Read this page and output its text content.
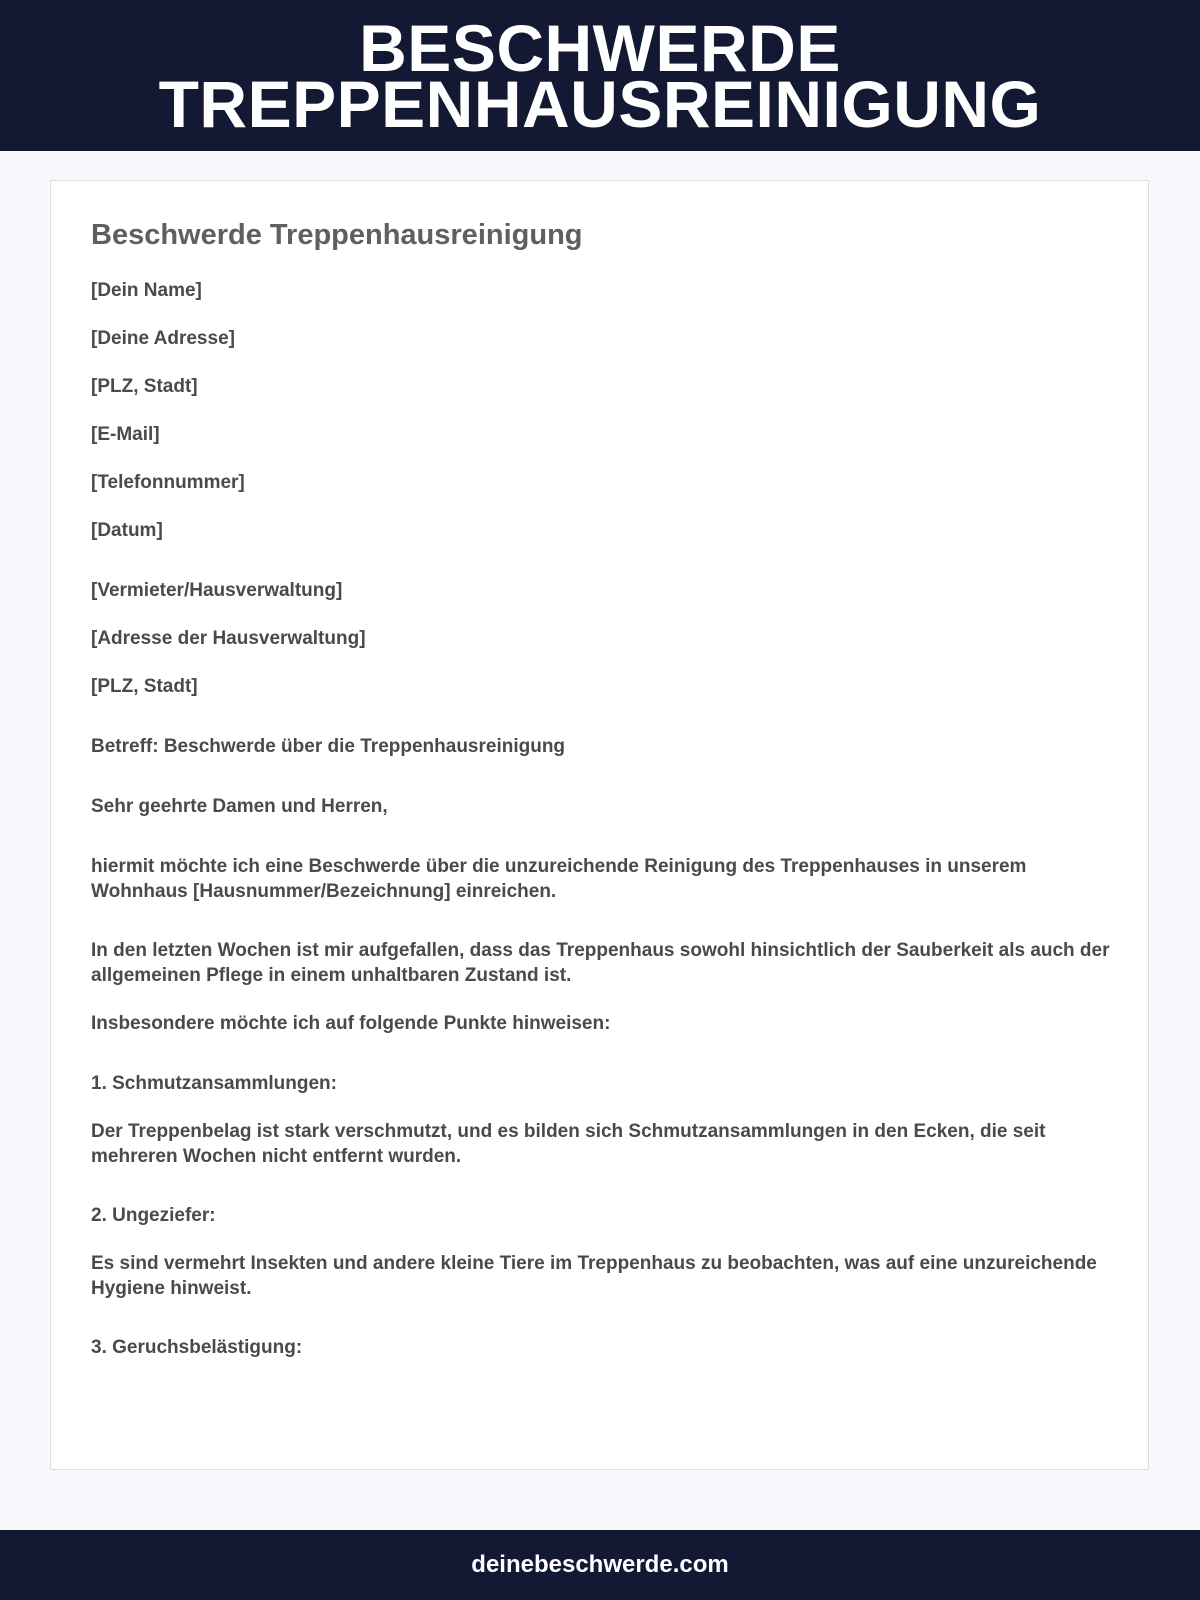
BESCHWERDE
TREPPENHAUSREINIGUNG
Beschwerde Treppenhausreinigung

[Dein Name]

[Deine Adresse]

[PLZ, Stadt]

[E-Mail]

[Telefonnummer]

[Datum]

[Vermieter/Hausverwaltung]

[Adresse der Hausverwaltung]

[PLZ, Stadt]

Betreff: Beschwerde über die Treppenhausreinigung

Sehr geehrte Damen und Herren,

hiermit möchte ich eine Beschwerde über die unzureichende Reinigung des Treppenhauses in unserem Wohnhaus [Hausnummer/Bezeichnung] einreichen.

In den letzten Wochen ist mir aufgefallen, dass das Treppenhaus sowohl hinsichtlich der Sauberkeit als auch der allgemeinen Pflege in einem unhaltbaren Zustand ist.

Insbesondere möchte ich auf folgende Punkte hinweisen:

1. Schmutzansammlungen:

Der Treppenbelag ist stark verschmutzt, und es bilden sich Schmutzansammlungen in den Ecken, die seit mehreren Wochen nicht entfernt wurden.

2. Ungeziefer:

Es sind vermehrt Insekten und andere kleine Tiere im Treppenhaus zu beobachten, was auf eine unzureichende Hygiene hinweist.

3. Geruchsbelästigung:

deinebeschwerde.com
